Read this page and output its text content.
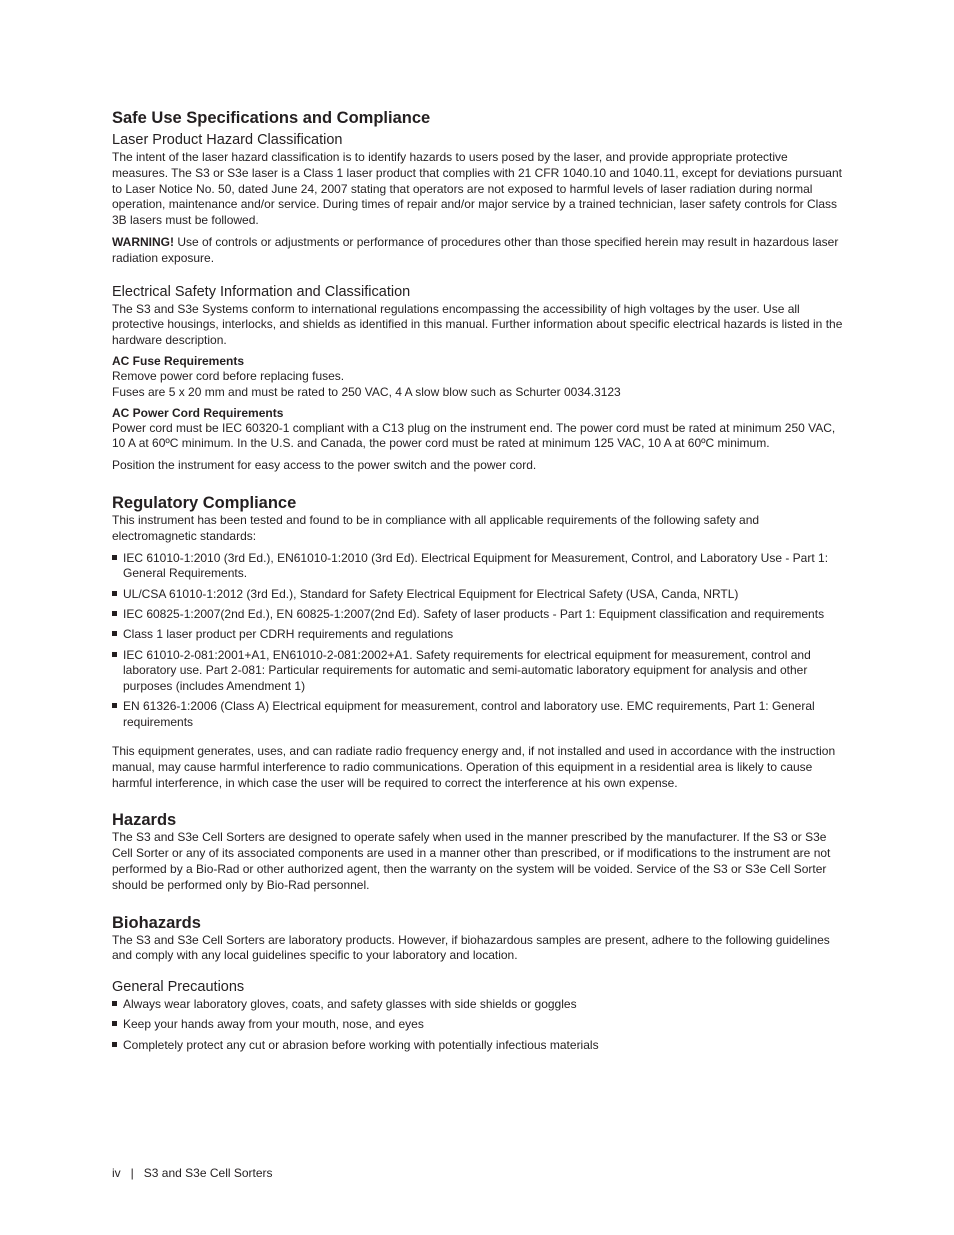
Safe Use Specifications and Compliance
Laser Product Hazard Classification

The intent of the laser hazard classification is to identify hazards to users posed by the laser, and provide appropriate protective measures. The S3 or S3e laser is a Class 1 laser product that complies with 21 CFR 1040.10 and 1040.11, except for deviations pursuant to Laser Notice No. 50, dated June 24, 2007 stating that operators are not exposed to harmful levels of laser radiation during normal operation, maintenance and/or service. During times of repair and/or major service by a trained technician, laser safety controls for Class 3B lasers must be followed.

WARNING! Use of controls or adjustments or performance of procedures other than those specified herein may result in hazardous laser radiation exposure.

Electrical Safety Information and Classification

The S3 and S3e Systems conform to international regulations encompassing the accessibility of high voltages by the user. Use all protective housings, interlocks, and shields as identified in this manual. Further information about specific electrical hazards is listed in the hardware description.

AC Fuse Requirements

Remove power cord before replacing fuses.

Fuses are 5 x 20 mm and must be rated to 250 VAC, 4 A slow blow such as Schurter 0034.3123

AC Power Cord Requirements

Power cord must be IEC 60320-1 compliant with a C13 plug on the instrument end. The power cord must be rated at minimum 250 VAC, 10 A at 60ºC minimum. In the U.S. and Canada, the power cord must be rated at minimum 125 VAC, 10 A at 60ºC minimum.

Position the instrument for easy access to the power switch and the power cord.

Regulatory Compliance

This instrument has been tested and found to be in compliance with all applicable requirements of the following safety and electromagnetic standards:

IEC 61010-1:2010 (3rd Ed.), EN61010-1:2010 (3rd Ed). Electrical Equipment for Measurement, Control, and Laboratory Use - Part 1: General Requirements.
UL/CSA 61010-1:2012 (3rd Ed.), Standard for Safety Electrical Equipment for Electrical Safety (USA, Canda, NRTL)
IEC 60825-1:2007(2nd Ed.), EN 60825-1:2007(2nd Ed). Safety of laser products - Part 1: Equipment classification and requirements
Class 1 laser product per CDRH requirements and regulations
IEC 61010-2-081:2001+A1, EN61010-2-081:2002+A1. Safety requirements for electrical equipment for measurement, control and laboratory use. Part 2-081: Particular requirements for automatic and semi-automatic laboratory equipment for analysis and other purposes (includes Amendment 1)
EN 61326-1:2006 (Class A) Electrical equipment for measurement, control and laboratory use. EMC requirements, Part 1: General requirements

This equipment generates, uses, and can radiate radio frequency energy and, if not installed and used in accordance with the instruction manual, may cause harmful interference to radio communications. Operation of this equipment in a residential area is likely to cause harmful interference, in which case the user will be required to correct the interference at his own expense.

Hazards

The S3 and S3e Cell Sorters are designed to operate safely when used in the manner prescribed by the manufacturer. If the S3 or S3e Cell Sorter or any of its associated components are used in a manner other than prescribed, or if modifications to the instrument are not performed by a Bio-Rad or other authorized agent, then the warranty on the system will be voided. Service of the S3 or S3e Cell Sorter should be performed only by Bio-Rad personnel.

Biohazards

The S3 and S3e Cell Sorters are laboratory products. However, if biohazardous samples are present, adhere to the following guidelines and comply with any local guidelines specific to your laboratory and location.

General Precautions
Always wear laboratory gloves, coats, and safety glasses with side shields or goggles
Keep your hands away from your mouth, nose, and eyes
Completely protect any cut or abrasion before working with potentially infectious materials
iv | S3 and S3e Cell Sorters
